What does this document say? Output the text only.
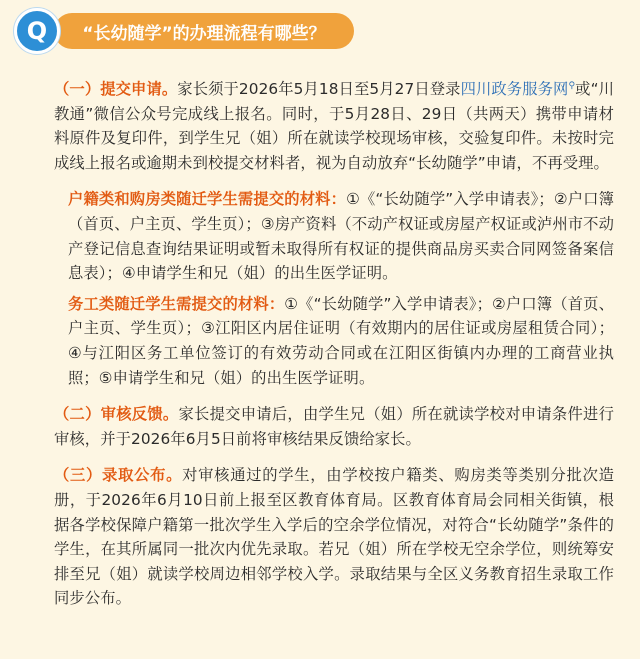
Q	“长幼随学”的办理流程有哪些？

（一）提交申请。家长须于2026年5月18日至5月27日登录四川政务服务网⚲或“川教通”微信公众号完成线上报名。同时，于5月28日、29日（共两天）携带申请材料原件及复印件，到学生兄（姐）所在就读学校现场审核，交验复印件。未按时完成线上报名或逾期未到校提交材料者，视为自动放弃“长幼随学”申请，不再受理。

户籍类和购房类随迁学生需提交的材料：①《“长幼随学”入学申请表》；②户口簿（首页、户主页、学生页）；③房产资料（不动产权证或房屋产权证或泸州市不动产登记信息查询结果证明或暂未取得所有权证的提供商品房买卖合同网签备案信息表）；④申请学生和兄（姐）的出生医学证明。

务工类随迁学生需提交的材料：①《“长幼随学”入学申请表》；②户口簿（首页、户主页、学生页）；③江阳区内居住证明（有效期内的居住证或房屋租赁合同）；④与江阳区务工单位签订的有效劳动合同或在江阳区街镇内办理的工商营业执照；⑤申请学生和兄（姐）的出生医学证明。

（二）审核反馈。家长提交申请后，由学生兄（姐）所在就读学校对申请条件进行审核，并于2026年6月5日前将审核结果反馈给家长。

（三）录取公布。对审核通过的学生，由学校按户籍类、购房类等类别分批次造册，于2026年6月10日前上报至区教育体育局。区教育体育局会同相关街镇，根据各学校保障户籍第一批次学生入学后的空余学位情况，对符合“长幼随学”条件的学生，在其所属同一批次内优先录取。若兄（姐）所在学校无空余学位，则统筹安排至兄（姐）就读学校周边相邻学校入学。录取结果与全区义务教育招生录取工作同步公布。
